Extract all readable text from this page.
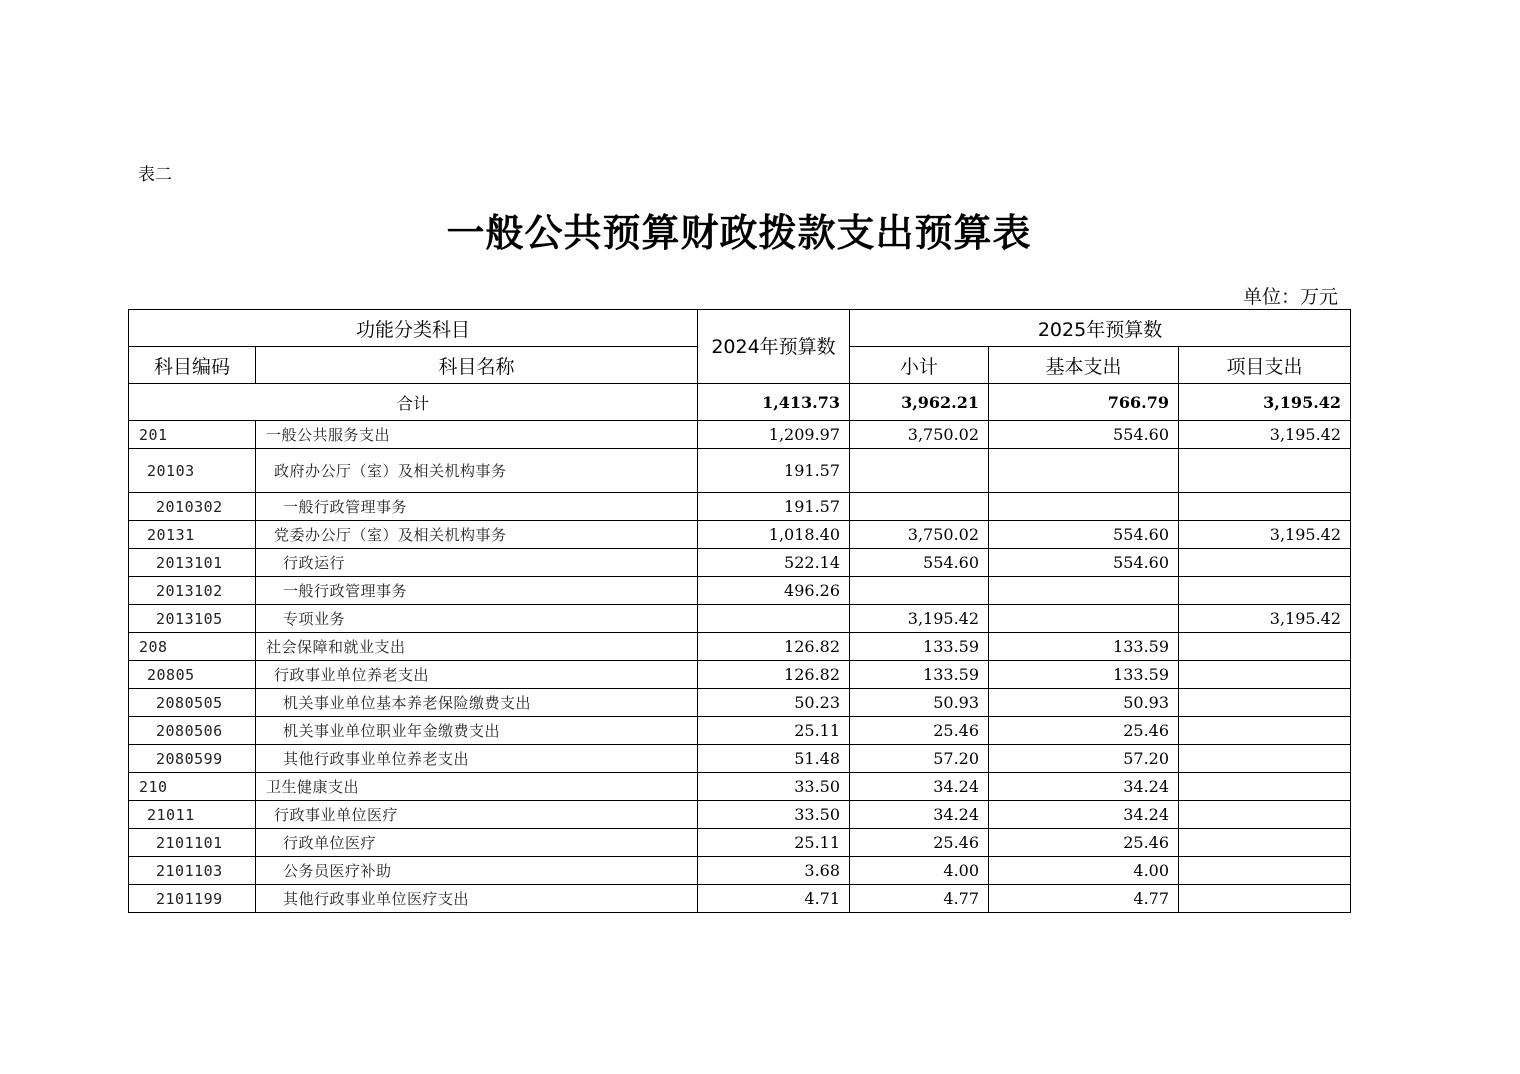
表二
一般公共预算财政拨款支出预算表
单位：万元
功能分类科目		2024年预算数	2025年预算数		
科目编码	科目名称		小计	基本支出	项目支出
合计		1,413.73	3,962.21	766.79	3,195.42
201	一般公共服务支出	1,209.97	3,750.02	554.60	3,195.42
20103	政府办公厅（室）及相关机构事务	191.57			
2010302	一般行政管理事务	191.57			
20131	党委办公厅（室）及相关机构事务	1,018.40	3,750.02	554.60	3,195.42
2013101	行政运行	522.14	554.60	554.60	
2013102	一般行政管理事务	496.26			
2013105	专项业务		3,195.42		3,195.42
208	社会保障和就业支出	126.82	133.59	133.59	
20805	行政事业单位养老支出	126.82	133.59	133.59	
2080505	机关事业单位基本养老保险缴费支出	50.23	50.93	50.93	
2080506	机关事业单位职业年金缴费支出	25.11	25.46	25.46	
2080599	其他行政事业单位养老支出	51.48	57.20	57.20	
210	卫生健康支出	33.50	34.24	34.24	
21011	行政事业单位医疗	33.50	34.24	34.24	
2101101	行政单位医疗	25.11	25.46	25.46	
2101103	公务员医疗补助	3.68	4.00	4.00	
2101199	其他行政事业单位医疗支出	4.71	4.77	4.77	
